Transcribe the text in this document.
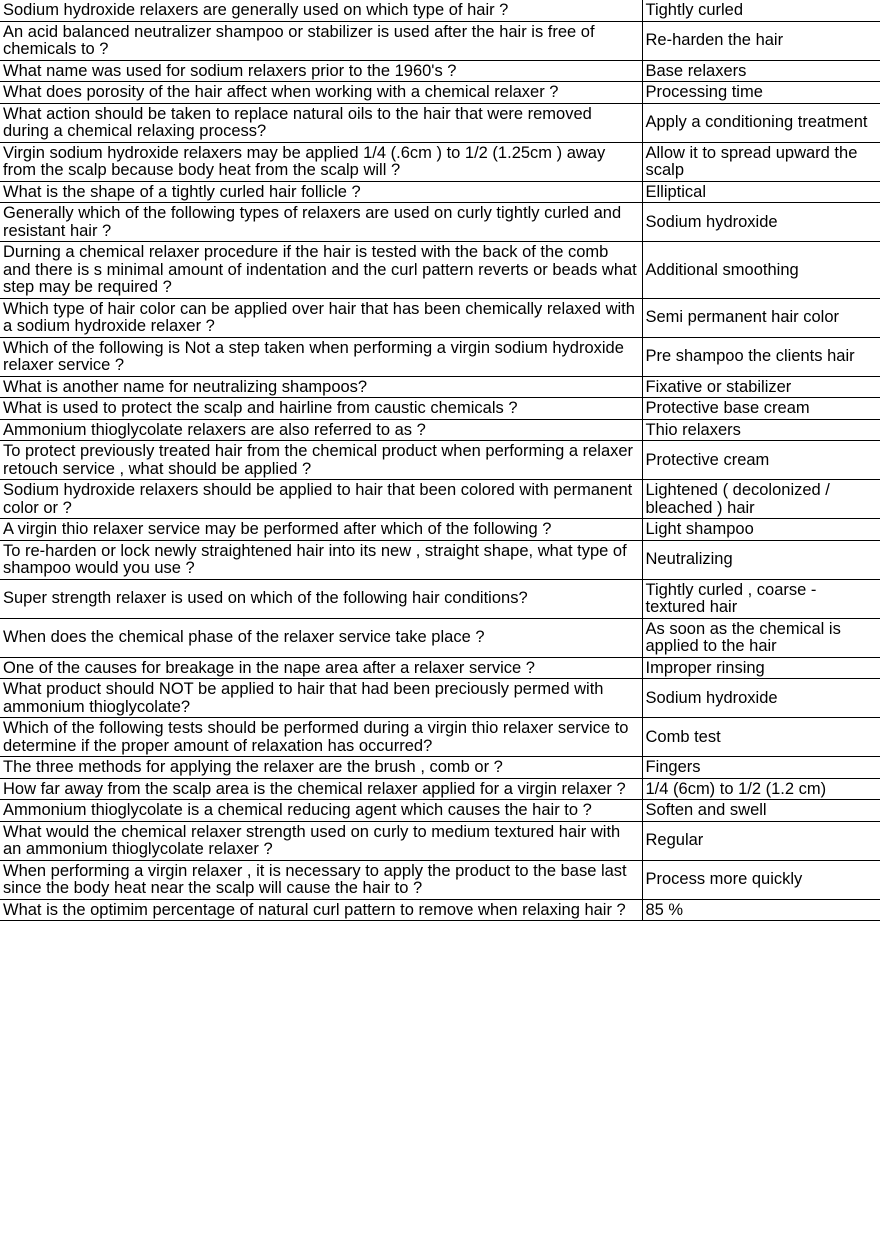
Sodium hydroxide relaxers are generally used on which type of hair ?	Tightly curled
An acid balanced neutralizer shampoo or stabilizer is used after the hair is free of chemicals to ?	Re-harden the hair
What name was used for sodium relaxers prior to the 1960's ?	Base relaxers
What does porosity of the hair affect when working with a chemical relaxer ?	Processing time
What action should be taken to replace natural oils to the hair that were removed during a chemical relaxing process?	Apply a conditioning treatment
Virgin sodium hydroxide relaxers may be applied 1/4 (.6cm ) to 1/2 (1.25cm ) away from the scalp because body heat from the scalp will ?	Allow it to spread upward the scalp
What is the shape of a tightly curled hair follicle ?	Elliptical
Generally which of the following types of relaxers are used on curly tightly curled and resistant hair ?	Sodium hydroxide
Durning a chemical relaxer procedure if the hair is tested with the back of the comb and there is s minimal amount of indentation and the curl pattern reverts or beads what step may be required ?	Additional smoothing
Which type of hair color can be applied over hair that has been chemically relaxed with a sodium hydroxide relaxer ?	Semi permanent hair color
Which of the following is Not a step taken when performing a virgin sodium hydroxide relaxer service ?	Pre shampoo the clients hair
What is another name for neutralizing shampoos?	Fixative or stabilizer
What is used to protect the scalp and hairline from caustic chemicals ?	Protective base cream
Ammonium thioglycolate relaxers are also referred to as ?	Thio relaxers
To protect previously treated hair from the chemical product when performing a relaxer retouch service , what should be applied ?	Protective cream
Sodium hydroxide relaxers should be applied to hair that been colored with permanent color or ?	Lightened ( decolonized / bleached ) hair
A virgin thio relaxer service may be performed after which of the following ?	Light shampoo
To re-harden or lock newly straightened hair into its new , straight shape, what type of shampoo would you use ?	Neutralizing
Super strength relaxer is used on which of the following hair conditions?	Tightly curled , coarse - textured hair
When does the chemical phase of the relaxer service take place ?	As soon as the chemical is applied to the hair
One of the causes for breakage in the nape area after a relaxer service ?	Improper rinsing
What product should NOT be applied to hair that had been preciously permed with ammonium thioglycolate?	Sodium hydroxide
Which of the following tests should be performed during a virgin thio relaxer service to determine if the proper amount of relaxation has occurred?	Comb test
The three methods for applying the relaxer are the brush , comb or ?	Fingers
How far away from the scalp area is the chemical relaxer applied for a virgin relaxer ?	1/4 (6cm) to 1/2 (1.2 cm)
Ammonium thioglycolate is a chemical reducing agent which causes the hair to ?	Soften and swell
What would the chemical relaxer strength used on curly to medium textured hair with an ammonium thioglycolate relaxer ?	Regular
When performing a virgin relaxer , it is necessary to apply the product to the base last since the body heat near the scalp will cause the hair to ?	Process more quickly
What is the optimim percentage of natural curl pattern to remove when relaxing hair ?	85 %
